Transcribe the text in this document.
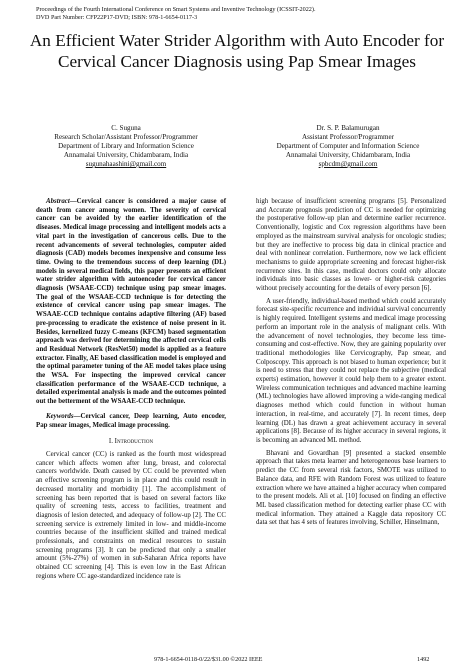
Proceedings of the Fourth International Conference on Smart Systems and Inventive Technology (ICSSIT-2022).
DVD Part Number: CFP22P17-DVD; ISBN: 978-1-6654-0117-3
An Efficient Water Strider Algorithm with Auto Encoder for Cervical Cancer Diagnosis using Pap Smear Images
C. Suguna
Research Scholar/Assistant Professor/Programmer
Department of Library and Information Science
Annamalai University, Chidambaram, India
sugunahaashini@gmail.com
Dr. S. P. Balamurugan
Assistant Professor/Programmer
Department of Computer and Information Science
Annamalai University, Chidambaram, India
spbcdm@gmail.com
Abstract—Cervical cancer is considered a major cause of death from cancer among women. The severity of cervical cancer can be avoided by the earlier identification of the diseases. Medical image processing and intelligent models acts a vital part in the investigation of cancerous cells. Due to the recent advancements of several technologies, computer aided diagnosis (CAD) models becomes inexpensive and consume less time. Owing to the tremendous success of deep learning (DL) models in several medical fields, this paper presents an efficient water strider algorithm with autoencoder for cervical cancer diagnosis (WSAAE-CCD) technique using pap smear images. The goal of the WSAAE-CCD technique is for detecting the existence of cervical cancer using pap smear images. The WSAAE-CCD technique contains adaptive filtering (AF) based pre-processing to eradicate the existence of noise present in it. Besides, kernelized fuzzy C-means (KFCM) based segmentation approach was derived for determining the affected cervical cells and Residual Network (ResNet50) model is applied as a feature extractor. Finally, AE based classification model is employed and the optimal parameter tuning of the AE model takes place using the WSA. For inspecting the improved cervical cancer classification performance of the WSAAE-CCD technique, a detailed experimental analysis is made and the outcomes pointed out the betterment of the WSAAE-CCD technique.
Keywords—Cervical cancer, Deep learning, Auto encoder, Pap smear images, Medical image processing.
I. Introduction

Cervical cancer (CC) is ranked as the fourth most widespread cancer which affects women after lung, breast, and colorectal cancers worldwide. Death caused by CC could be prevented when an effective screening program is in place and this could result in decreased mortality and morbidity [1]. The accomplishment of screening has been reported that is based on several factors like quality of screening tests, access to facilities, treatment and diagnosis of lesion detected, and adequacy of follow-up [2]. The CC screening service is extremely limited in low- and middle-income countries because of the insufficient skilled and trained medical professionals, and constraints on medical resources to sustain screening programs [3]. It can be predicted that only a smaller amount (5%-27%) of women in sub-Saharan Africa reports have obtained CC screening [4]. This is even low in the East African regions where CC age-standardized incidence rate is

high because of insufficient screening programs [5]. Personalized and Accurate prognosis prediction of CC is needed for optimizing the postoperative follow-up plan and determine earlier recurrence. Conventionally, logistic and Cox regression algorithms have been employed as the mainstream survival analysis for oncologic studies; but they are ineffective to process big data in clinical practice and deal with nonlinear correlation. Furthermore, now we lack efficient mechanisms to guide appropriate screening and forecast higher-risk recurrence sites. In this case, medical doctors could only allocate individuals into basic classes as lower- or higher-risk categories without precisely accounting for the details of every person [6].

A user-friendly, individual-based method which could accurately forecast site-specific recurrence and individual survival concurrently is highly required. Intelligent systems and medical image processing perform an important role in the analysis of malignant cells. With the advancement of novel technologies, they become less time-consuming and cost-effective. Now, they are gaining popularity over traditional methodologies like Cervicography, Pap smear, and Colposcopy. This approach is not biased to human experience; but it is need to stress that they could not replace the subjective (medical experts) estimation, however it could help them to a greater extent. Wireless communication techniques and advanced machine learning (ML) technologies have allowed improving a wide-ranging medical diagnoses method which could function in without human interaction, in real-time, and accurately [7]. In recent times, deep learning (DL) has drawn a great achievement accuracy in several applications [8]. Because of its higher accuracy in several regions, it is becoming an advanced ML method.

Bhavani and Govardhan [9] presented a stacked ensemble approach that takes meta learner and heterogeneous base learners to predict the CC from several risk factors, SMOTE was utilized to Balance data, and RFE with Random Forest was utilized to feature extraction where we have attained a higher accuracy when compared to the present models. Ali et al. [10] focused on finding an effective ML based classification method for detecting earlier phase CC with medical information. They attained a Kaggle data repository CC data set that has 4 sets of features involving, Schiller, Hinselmann,

978-1-6654-0118-0/22/$31.00 ©2022 IEEE	1492
